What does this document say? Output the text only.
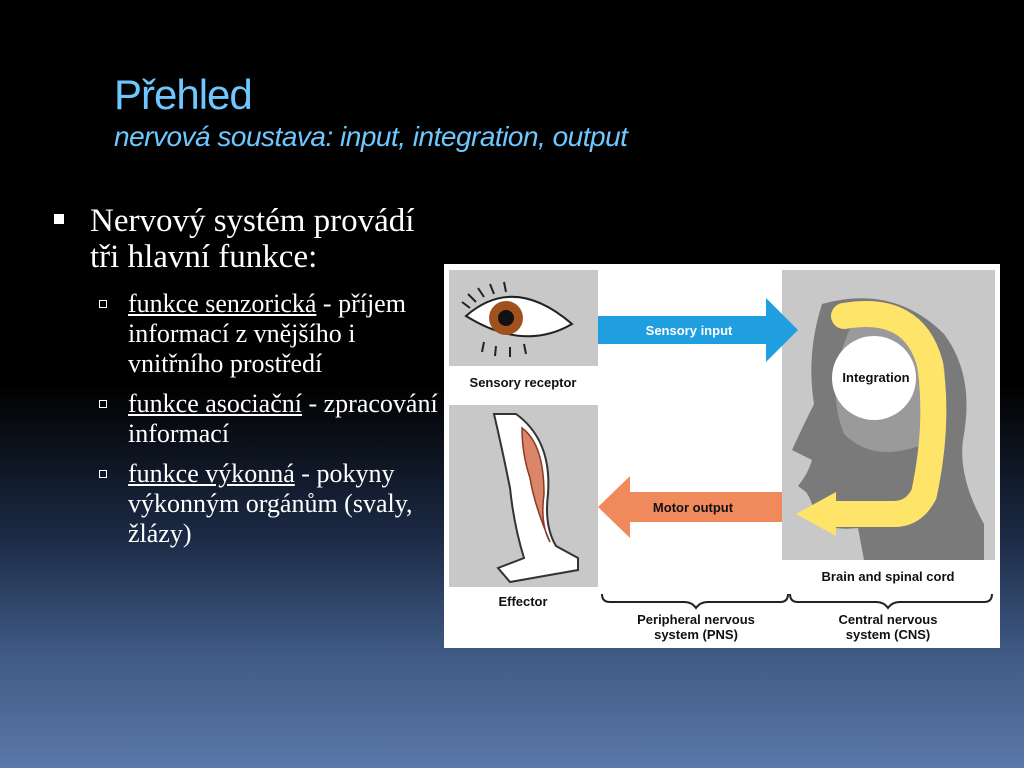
Přehled
nervová soustava: input, integration, output
Nervový systém provádí tři hlavní funkce:
funkce senzorická - příjem informací z vnějšího i vnitřního prostředí
funkce asociační - zpracování informací
funkce výkonná - pokyny výkonným orgánům (svaly, žlázy)
Sensory receptor
Effector
Sensory input
Motor output
Integration
Brain and spinal cord
Peripheral nervous
system (PNS)
Central nervous
system (CNS)
